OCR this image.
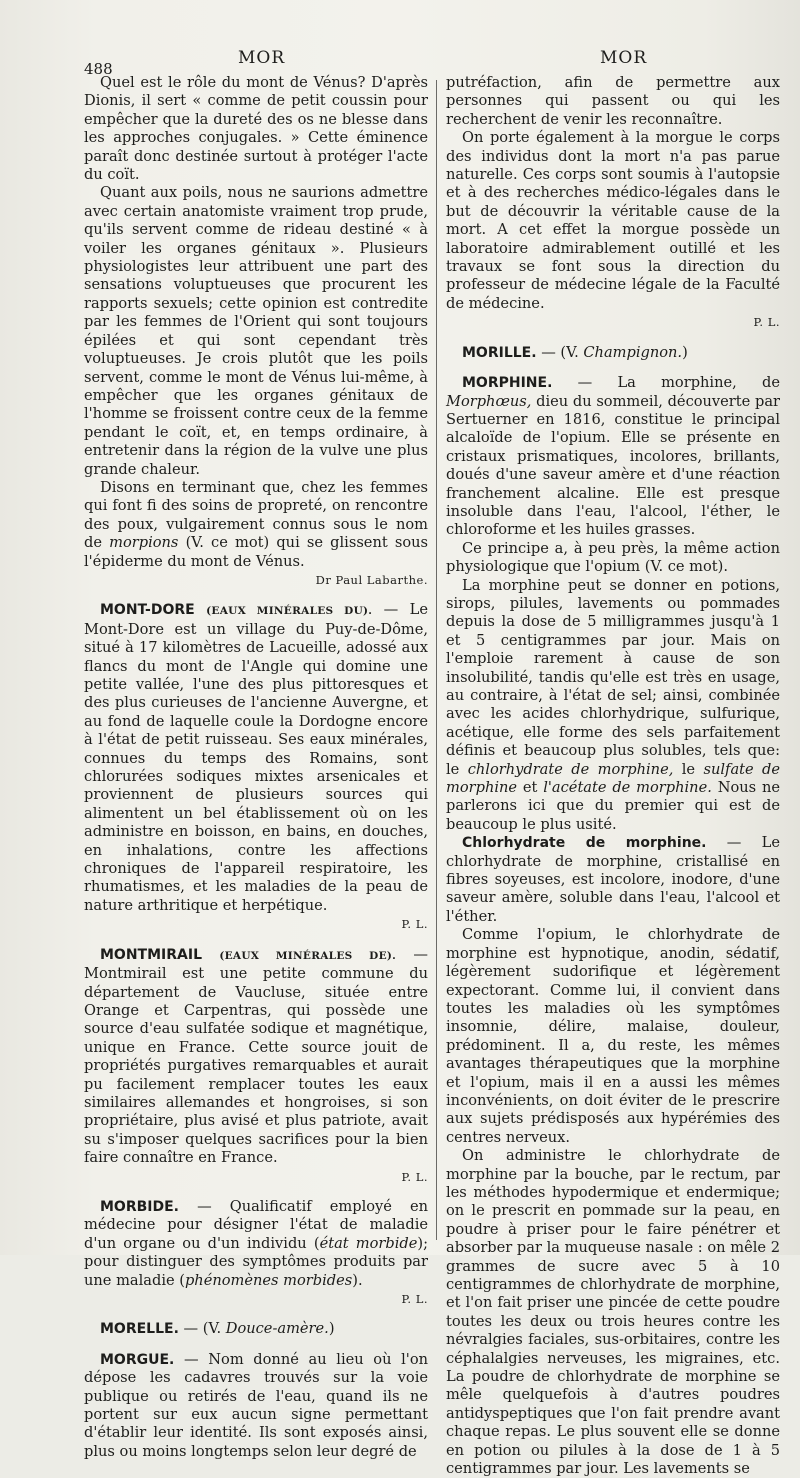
488
MOR	MOR

Quel est le rôle du mont de Vénus? D'après Dionis, il sert « comme de petit coussin pour empêcher que la dureté des os ne blesse dans les approches conjugales. » Cette éminence paraît donc destinée surtout à protéger l'acte du coït.

Quant aux poils, nous ne saurions admettre avec certain anatomiste vraiment trop prude, qu'ils servent comme de rideau destiné « à voiler les organes génitaux ». Plusieurs physiologistes leur attribuent une part des sensations voluptueuses que procurent les rapports sexuels; cette opinion est contredite par les femmes de l'Orient qui sont toujours épilées et qui sont cependant très voluptueuses. Je crois plutôt que les poils servent, comme le mont de Vénus lui-même, à empêcher que les organes génitaux de l'homme se froissent contre ceux de la femme pendant le coït, et, en temps ordinaire, à entretenir dans la région de la vulve une plus grande chaleur.

Disons en terminant que, chez les femmes qui font fi des soins de propreté, on rencontre des poux, vulgairement connus sous le nom de morpions (V. ce mot) qui se glissent sous l'épiderme du mont de Vénus.

Dr Paul Labarthe.

MONT-DORE (EAUX MINÉRALES DU). — Le Mont-Dore est un village du Puy-de-Dôme, situé à 17 kilomètres de Lacueille, adossé aux flancs du mont de l'Angle qui domine une petite vallée, l'une des plus pittoresques et des plus curieuses de l'ancienne Auvergne, et au fond de laquelle coule la Dordogne encore à l'état de petit ruisseau. Ses eaux minérales, connues du temps des Romains, sont chlorurées sodiques mixtes arsenicales et proviennent de plusieurs sources qui alimentent un bel établissement où on les administre en boisson, en bains, en douches, en inhalations, contre les affections chroniques de l'appareil respiratoire, les rhumatismes, et les maladies de la peau de nature arthritique et herpétique.

P. L.

MONTMIRAIL (EAUX MINÉRALES DE). — Montmirail est une petite commune du département de Vaucluse, située entre Orange et Carpentras, qui possède une source d'eau sulfatée sodique et magnétique, unique en France. Cette source jouit de propriétés purgatives remarquables et aurait pu facilement remplacer toutes les eaux similaires allemandes et hongroises, si son propriétaire, plus avisé et plus patriote, avait su s'imposer quelques sacrifices pour la bien faire connaître en France.

P. L.

MORBIDE. — Qualificatif employé en médecine pour désigner l'état de maladie d'un organe ou d'un individu (état morbide); pour distinguer des symptômes produits par une maladie (phénomènes morbides).

P. L.

MORELLE. — (V. Douce-amère.)

MORGUE. — Nom donné au lieu où l'on dépose les cadavres trouvés sur la voie publique ou retirés de l'eau, quand ils ne portent sur eux aucun signe permettant d'établir leur identité. Ils sont exposés ainsi, plus ou moins longtemps selon leur degré de

putréfaction, afin de permettre aux personnes qui passent ou qui les recherchent de venir les reconnaître.

On porte également à la morgue le corps des individus dont la mort n'a pas parue naturelle. Ces corps sont soumis à l'autopsie et à des recherches médico-légales dans le but de découvrir la véritable cause de la mort. A cet effet la morgue possède un laboratoire admirablement outillé et les travaux se font sous la direction du professeur de médecine légale de la Faculté de médecine.

P. L.

MORILLE. — (V. Champignon.)

MORPHINE. — La morphine, de Morphœus, dieu du sommeil, découverte par Sertuerner en 1816, constitue le principal alcaloïde de l'opium. Elle se présente en cristaux prismatiques, incolores, brillants, doués d'une saveur amère et d'une réaction franchement alcaline. Elle est presque insoluble dans l'eau, l'alcool, l'éther, le chloroforme et les huiles grasses.

Ce principe a, à peu près, la même action physiologique que l'opium (V. ce mot).

La morphine peut se donner en potions, sirops, pilules, lavements ou pommades depuis la dose de 5 milligrammes jusqu'à 1 et 5 centigrammes par jour. Mais on l'emploie rarement à cause de son insolubilité, tandis qu'elle est très en usage, au contraire, à l'état de sel; ainsi, combinée avec les acides chlorhydrique, sulfurique, acétique, elle forme des sels parfaitement définis et beaucoup plus solubles, tels que: le chlorhydrate de morphine, le sulfate de morphine et l'acétate de morphine. Nous ne parlerons ici que du premier qui est de beaucoup le plus usité.

Chlorhydrate de morphine. — Le chlorhydrate de morphine, cristallisé en fibres soyeuses, est incolore, inodore, d'une saveur amère, soluble dans l'eau, l'alcool et l'éther.

Comme l'opium, le chlorhydrate de morphine est hypnotique, anodin, sédatif, légèrement sudorifique et légèrement expectorant. Comme lui, il convient dans toutes les maladies où les symptômes insomnie, délire, malaise, douleur, prédominent. Il a, du reste, les mêmes avantages thérapeutiques que la morphine et l'opium, mais il en a aussi les mêmes inconvénients, on doit éviter de le prescrire aux sujets prédisposés aux hypérémies des centres nerveux.

On administre le chlorhydrate de morphine par la bouche, par le rectum, par les méthodes hypodermique et endermique; on le prescrit en pommade sur la peau, en poudre à priser pour le faire pénétrer et absorber par la muqueuse nasale : on mêle 2 grammes de sucre avec 5 à 10 centigrammes de chlorhydrate de morphine, et l'on fait priser une pincée de cette poudre toutes les deux ou trois heures contre les névralgies faciales, sus-orbitaires, contre les céphalalgies nerveuses, les migraines, etc. La poudre de chlorhydrate de morphine se mêle quelquefois à d'autres poudres antidyspeptiques que l'on fait prendre avant chaque repas. Le plus souvent elle se donne en potion ou pilules à la dose de 1 à 5 centigrammes par jour. Les lavements se
